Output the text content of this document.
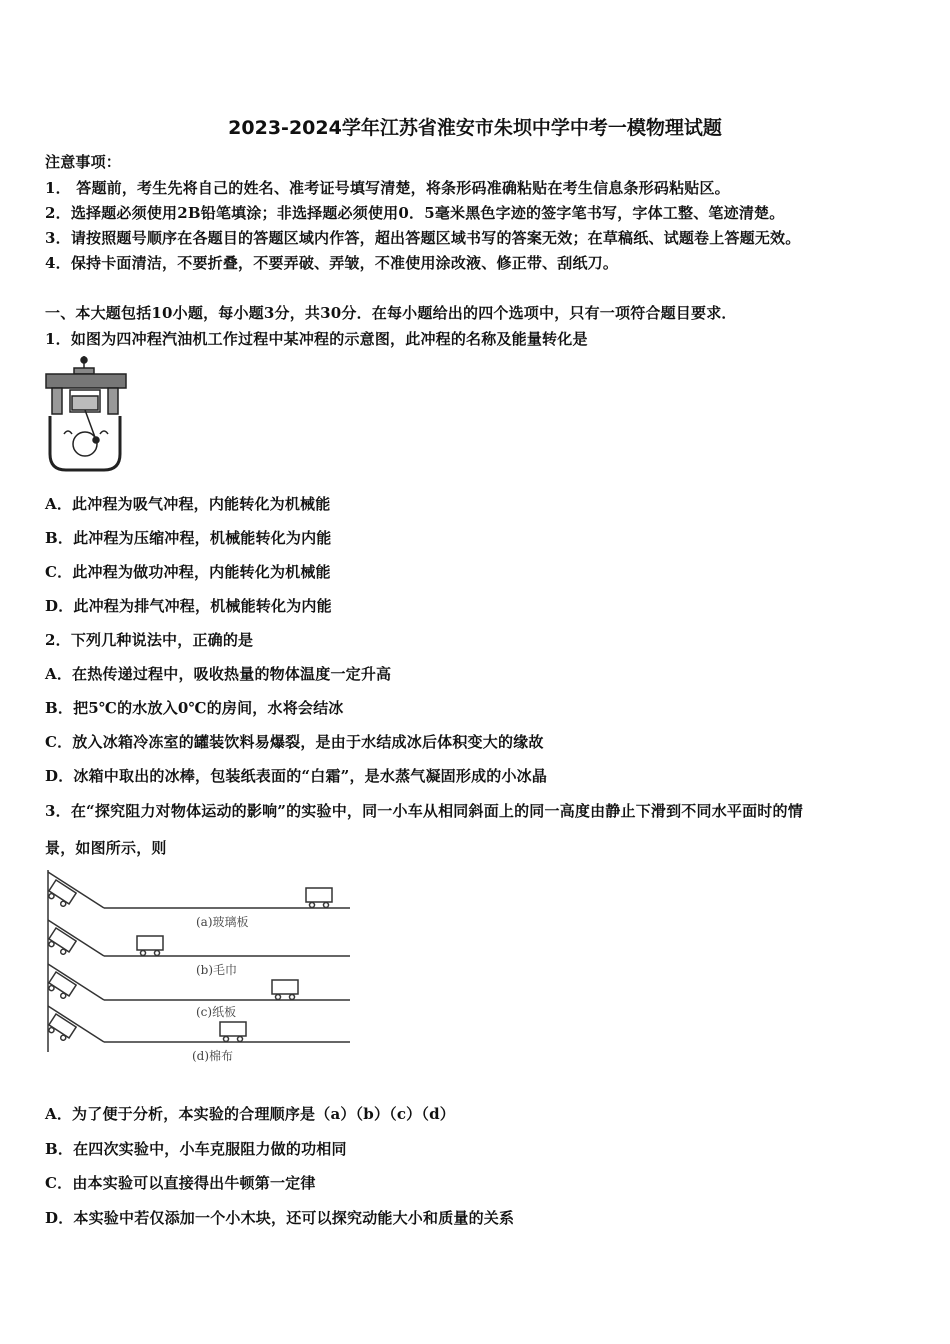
2023-2024学年江苏省淮安市朱坝中学中考一模物理试题
注意事项：
1． 答题前，考生先将自己的姓名、准考证号填写清楚，将条形码准确粘贴在考生信息条形码粘贴区。
2．选择题必须使用2B铅笔填涂；非选择题必须使用0．5毫米黑色字迹的签字笔书写，字体工整、笔迹清楚。
3．请按照题号顺序在各题目的答题区域内作答，超出答题区域书写的答案无效；在草稿纸、试题卷上答题无效。
4．保持卡面清洁，不要折叠，不要弄破、弄皱，不准使用涂改液、修正带、刮纸刀。
一、本大题包括10小题，每小题3分，共30分．在每小题给出的四个选项中，只有一项符合题目要求．
1．如图为四冲程汽油机工作过程中某冲程的示意图，此冲程的名称及能量转化是
A．此冲程为吸气冲程，内能转化为机械能
B．此冲程为压缩冲程，机械能转化为内能
C．此冲程为做功冲程，内能转化为机械能
D．此冲程为排气冲程，机械能转化为内能
2．下列几种说法中，正确的是
A．在热传递过程中，吸收热量的物体温度一定升高
B．把5℃的水放入0℃的房间，水将会结冰
C．放入冰箱冷冻室的罐装饮料易爆裂，是由于水结成冰后体积变大的缘故
D．冰箱中取出的冰棒，包装纸表面的“白霜”，是水蒸气凝固形成的小冰晶
3．在“探究阻力对物体运动的影响”的实验中，同一小车从相同斜面上的同一高度由静止下滑到不同水平面时的情
景，如图所示，则
(a)玻璃板
(b)毛巾
(c)纸板
(d)棉布
A．为了便于分析，本实验的合理顺序是（a）（b）（c）（d）
B．在四次实验中，小车克服阻力做的功相同
C．由本实验可以直接得出牛顿第一定律
D．本实验中若仅添加一个小木块，还可以探究动能大小和质量的关系
